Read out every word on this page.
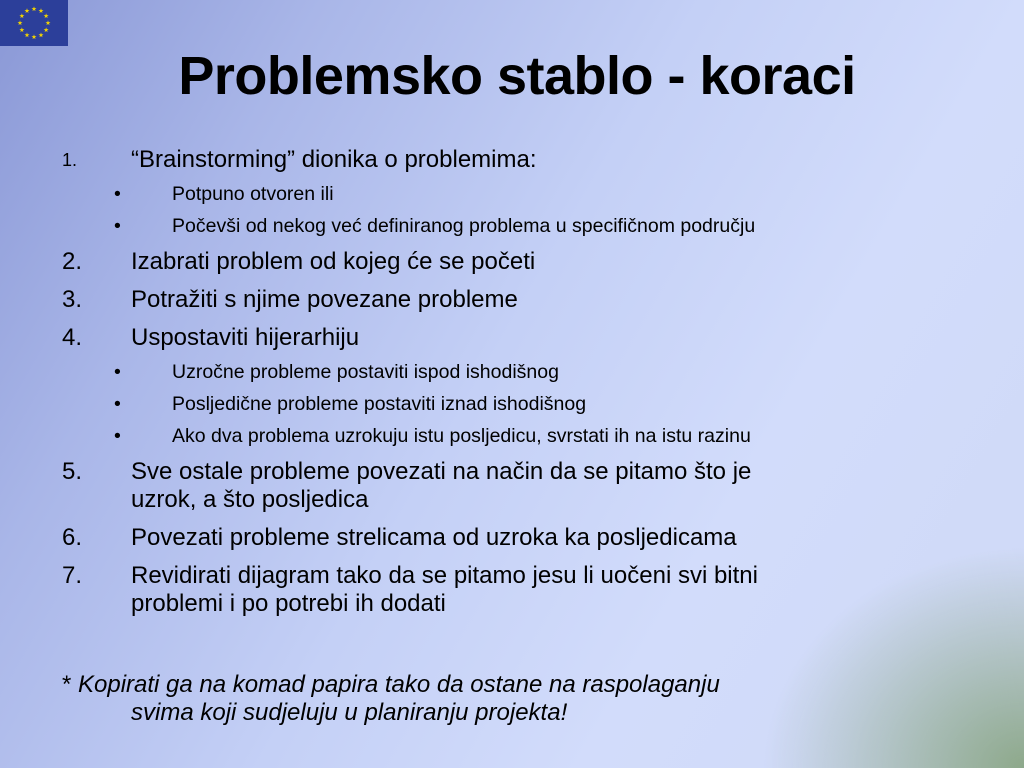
Problemsko stablo - koraci
1. “Brainstorming” dionika o problemima:
•	Potpuno otvoren ili
•	Počevši od nekog već definiranog problema u specifičnom području
2. Izabrati problem od kojeg će se početi
3. Potražiti s njime povezane probleme
4. Uspostaviti hijerarhiju
•	Uzročne probleme postaviti ispod ishodišnog
•	Posljedične probleme postaviti iznad ishodišnog
•	Ako dva problema uzrokuju istu posljedicu, svrstati ih na istu razinu
5. Sve ostale probleme povezati na način da se pitamo što je
uzrok, a što posljedica
6. Povezati probleme strelicama od uzroka ka posljedicama
7. Revidirati dijagram tako da se pitamo jesu li uočeni svi bitni
problemi i po potrebi ih dodati
* Kopirati ga na komad papira tako da ostane na raspolaganju
svima koji sudjeluju u planiranju projekta!
